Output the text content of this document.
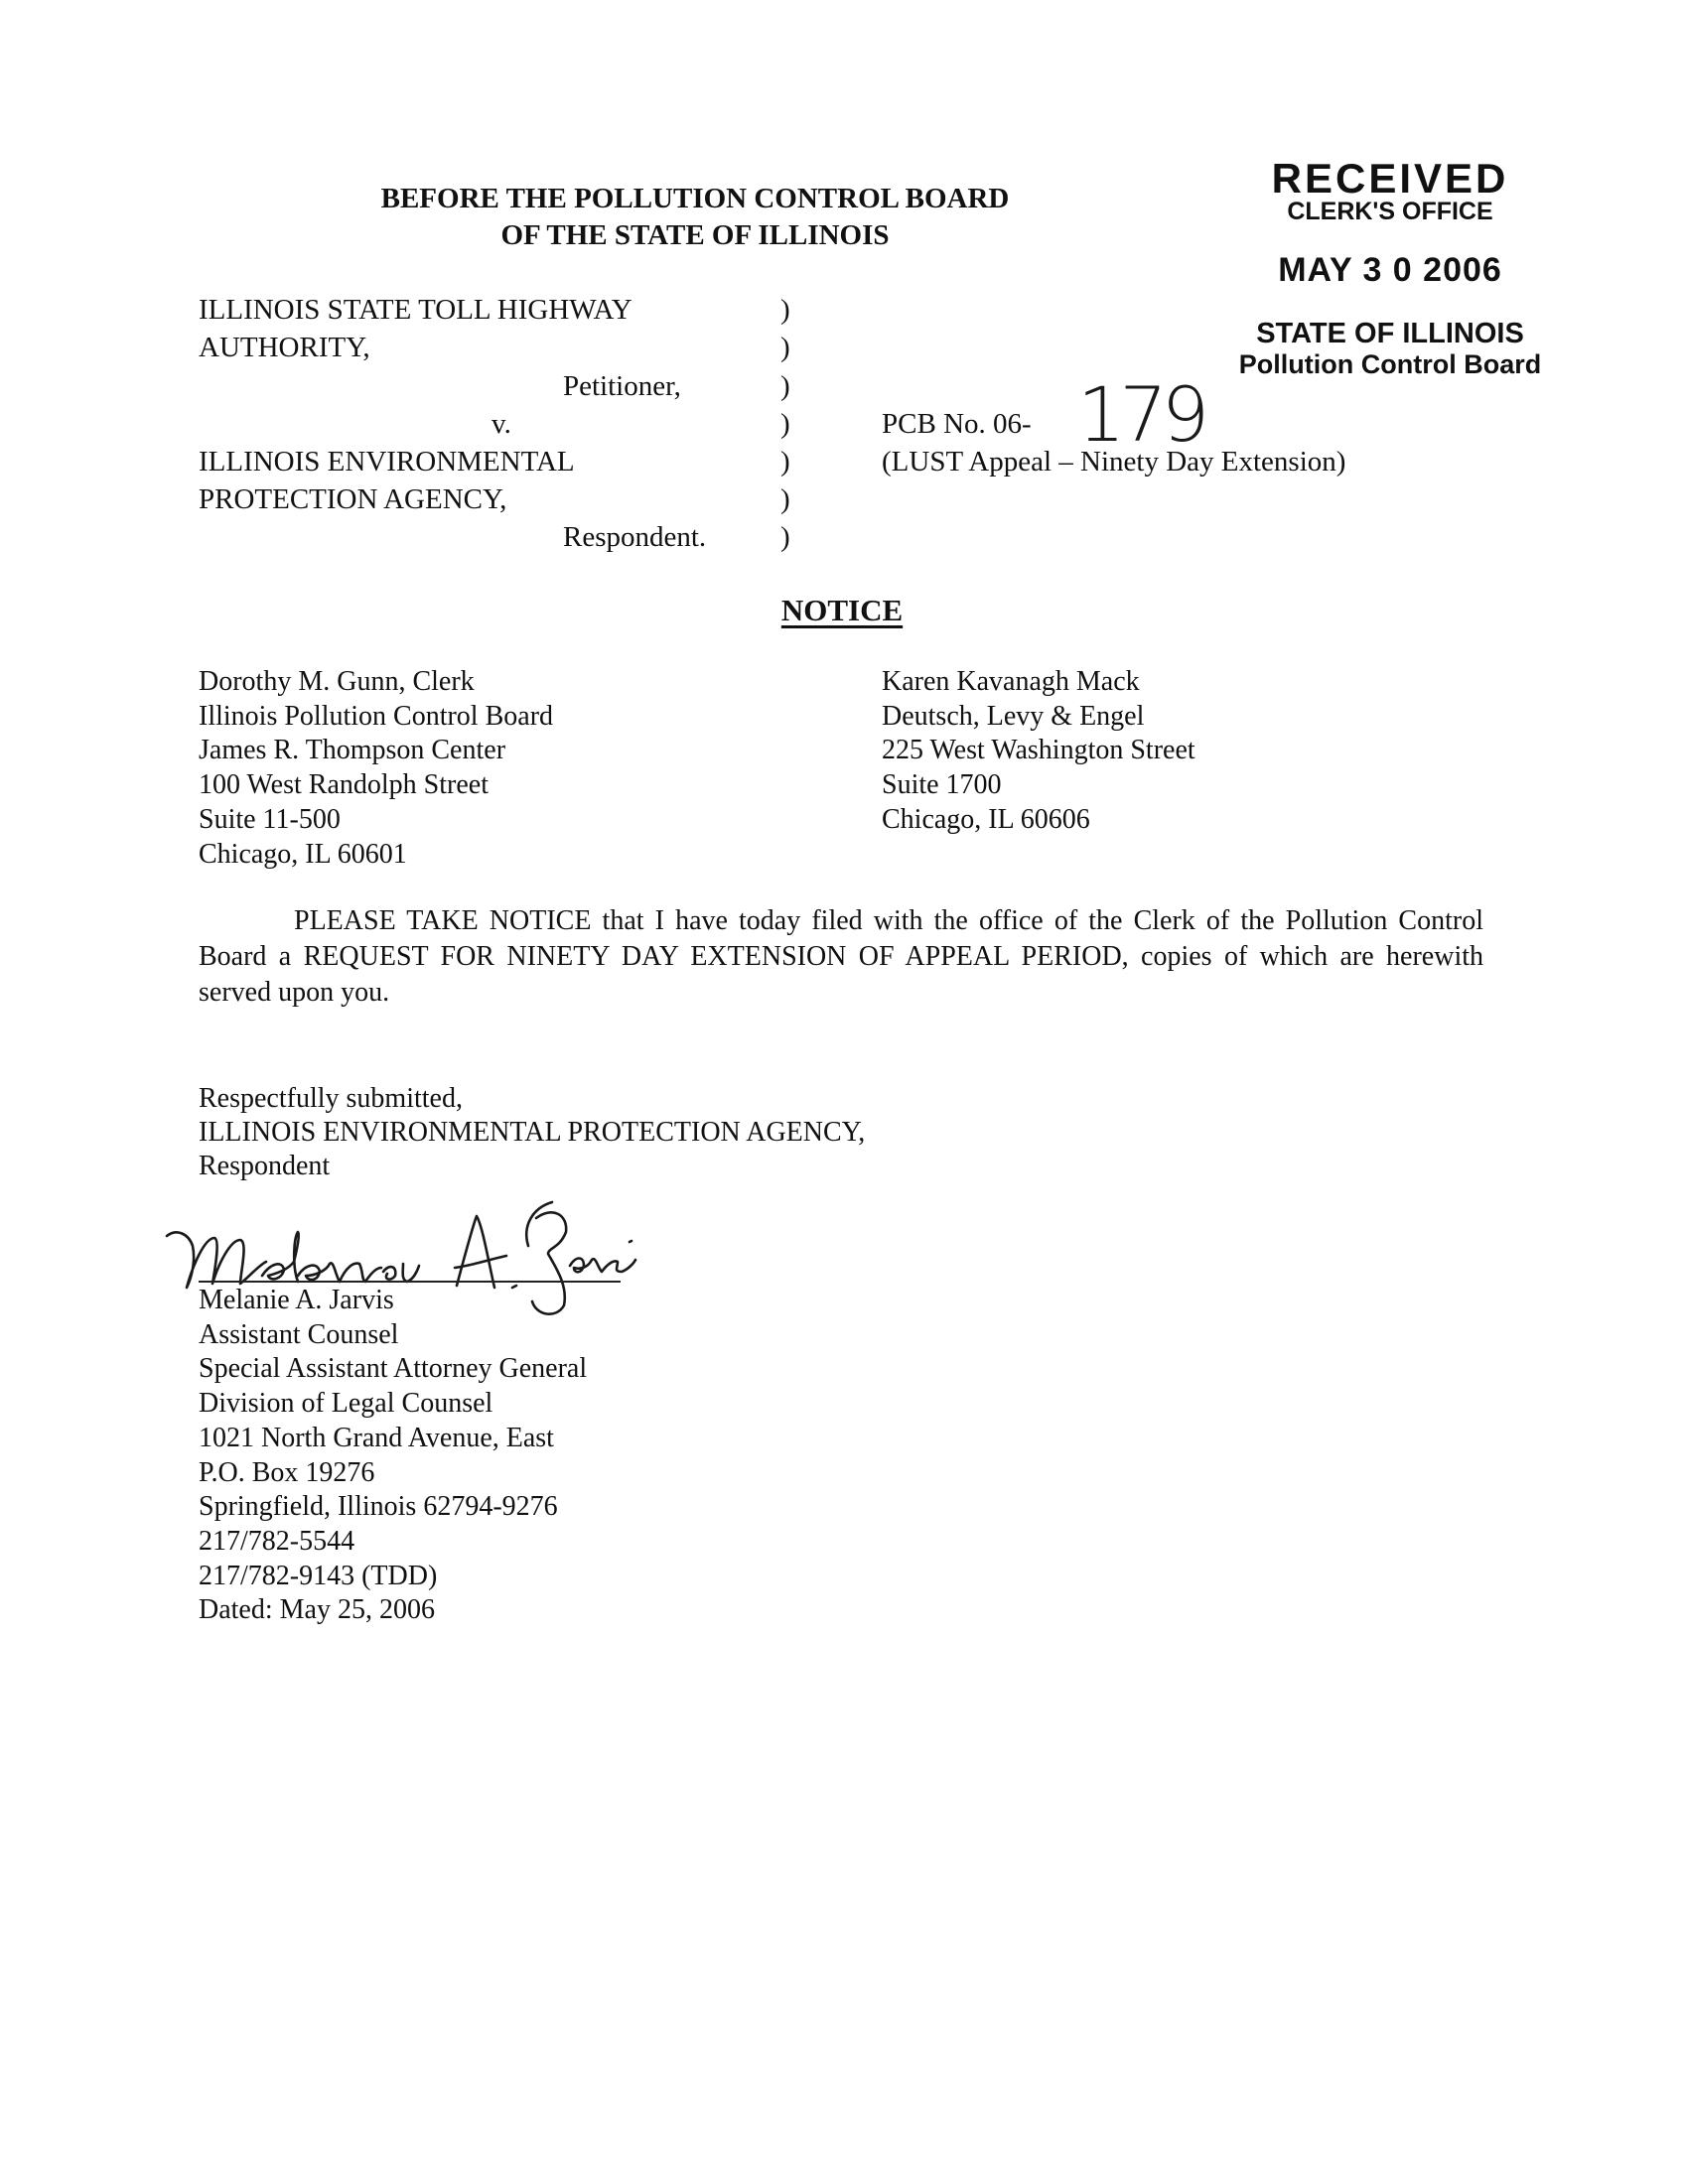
BEFORE THE POLLUTION CONTROL BOARD
OF THE STATE OF ILLINOIS
RECEIVED
CLERK'S OFFICE
MAY 3 0 2006
STATE OF ILLINOIS
Pollution Control Board
ILLINOIS STATE TOLL HIGHWAY
AUTHORITY,
Petitioner,
v.
ILLINOIS ENVIRONMENTAL
PROTECTION AGENCY,
Respondent.
)
)
)
)
)
)
)
PCB No. 06- 179
(LUST Appeal – Ninety Day Extension)
NOTICE
Dorothy M. Gunn, Clerk
Illinois Pollution Control Board
James R. Thompson Center
100 West Randolph Street
Suite 11-500
Chicago, IL 60601
Karen Kavanagh Mack
Deutsch, Levy & Engel
225 West Washington Street
Suite 1700
Chicago, IL 60606
PLEASE TAKE NOTICE that I have today filed with the office of the Clerk of the Pollution Control Board a REQUEST FOR NINETY DAY EXTENSION OF APPEAL PERIOD, copies of which are herewith served upon you.
Respectfully submitted,
ILLINOIS ENVIRONMENTAL PROTECTION AGENCY,
Respondent
Melanie A. Jarvis
Assistant Counsel
Special Assistant Attorney General
Division of Legal Counsel
1021 North Grand Avenue, East
P.O. Box 19276
Springfield, Illinois 62794-9276
217/782-5544
217/782-9143 (TDD)
Dated: May 25, 2006
